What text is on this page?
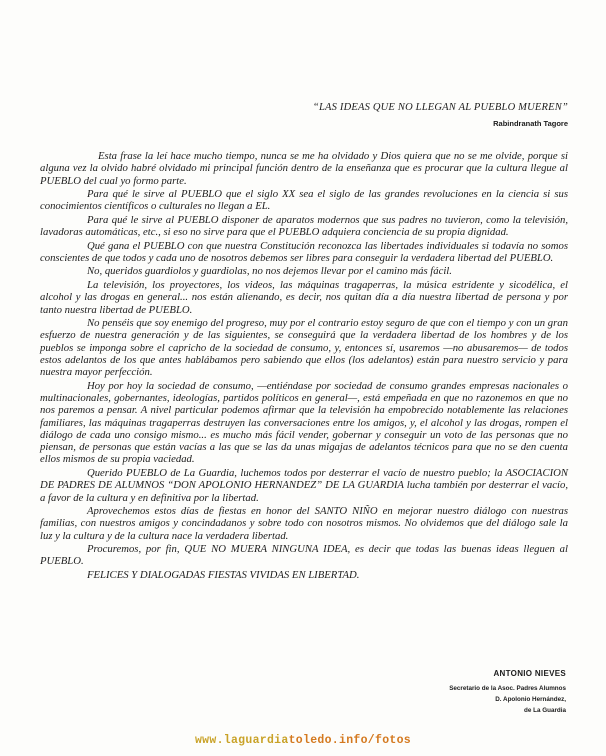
“LAS IDEAS QUE NO LLEGAN AL PUEBLO MUEREN”
Rabindranath Tagore

Esta frase la leí hace mucho tiempo, nunca se me ha olvidado y Dios quiera que no se me olvide, porque si alguna vez la olvido habré olvidado mi principal función dentro de la enseñanza que es procurar que la cultura llegue al PUEBLO del cual yo formo parte.

Para qué le sirve al PUEBLO que el siglo XX sea el siglo de las grandes revoluciones en la ciencia si sus conocimientos científicos o culturales no llegan a EL.

Para qué le sirve al PUEBLO disponer de aparatos modernos que sus padres no tuvieron, como la televisión, lavadoras automáticas, etc., si eso no sirve para que el PUEBLO adquiera conciencia de su propia dignidad.

Qué gana el PUEBLO con que nuestra Constitución reconozca las libertades individuales si todavía no somos conscientes de que todos y cada uno de nosotros debemos ser libres para conseguir la verdadera libertad del PUEBLO.

No, queridos guardiolos y guardiolas, no nos dejemos llevar por el camino más fácil.

La televisión, los proyectores, los videos, las máquinas tragaperras, la música estridente y sicodélica, el alcohol y las drogas en general... nos están alienando, es decir, nos quitan día a día nuestra libertad de persona y por tanto nuestra libertad de PUEBLO.

No penséis que soy enemigo del progreso, muy por el contrario estoy seguro de que con el tiempo y con un gran esfuerzo de nuestra generación y de las siguientes, se conseguirá que la verdadera libertad de los hombres y de los pueblos se imponga sobre el capricho de la sociedad de consumo, y, entonces sí, usaremos —no abusaremos— de todos estos adelantos de los que antes hablábamos pero sabiendo que ellos (los adelantos) están para nuestro servicio y para nuestra mayor perfección.

Hoy por hoy la sociedad de consumo, —entiéndase por sociedad de consumo grandes empresas nacionales o multinacionales, gobernantes, ideologías, partidos políticos en general—, está empeñada en que no razonemos en que no nos paremos a pensar. A nivel particular podemos afirmar que la televisión ha empobrecido notablemente las relaciones familiares, las máquinas tragaperras destruyen las conversaciones entre los amigos, y, el alcohol y las drogas, rompen el diálogo de cada uno consigo mismo... es mucho más fácil vender, gobernar y conseguir un voto de las personas que no piensan, de personas que están vacías a las que se las da unas migajas de adelantos técnicos para que no se den cuenta ellos mismos de su propia vaciedad.

Querido PUEBLO de La Guardia, luchemos todos por desterrar el vacío de nuestro pueblo; la ASOCIACION DE PADRES DE ALUMNOS “DON APOLONIO HERNANDEZ” DE LA GUARDIA lucha también por desterrar el vacío, a favor de la cultura y en definitiva por la libertad.

Aprovechemos estos días de fiestas en honor del SANTO NIÑO en mejorar nuestro diálogo con nuestras familias, con nuestros amigos y concindadanos y sobre todo con nosotros mismos. No olvidemos que del diálogo sale la luz y la cultura y de la cultura nace la verdadera libertad.

Procuremos, por fin, QUE NO MUERA NINGUNA IDEA, es decir que todas las buenas ideas lleguen al PUEBLO.

FELICES Y DIALOGADAS FIESTAS VIVIDAS EN LIBERTAD.

ANTONIO NIEVES
Secretario de la Asoc. Padres Alumnos
D. Apolonio Hernández,
de La Guardia
www.laguardiatoledo.info/fotos
